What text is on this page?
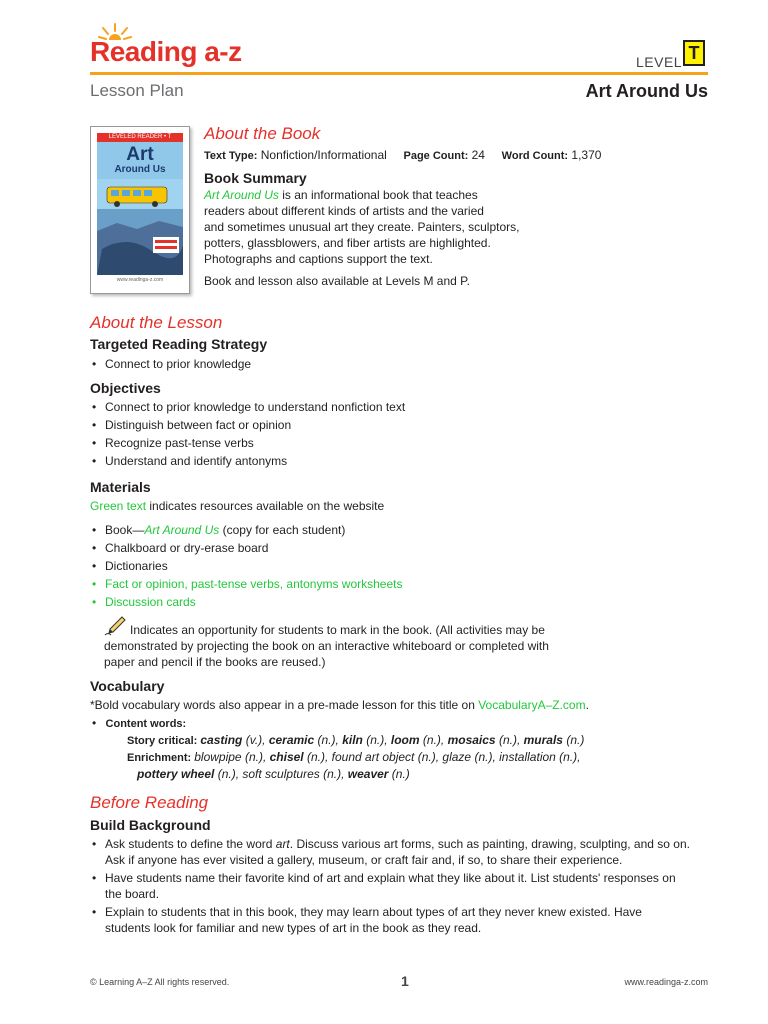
Reading a-z	LEVEL T
Lesson Plan	Art Around Us
LEVELED READER • T
Art
Around Us
www.readinga-z.com
About the Book
Text Type: Nonfiction/Informational Page Count: 24 Word Count: 1,370
Book Summary
Art Around Us is an informational book that teaches
readers about different kinds of artists and the varied
and sometimes unusual art they create. Painters, sculptors,
potters, glassblowers, and fiber artists are highlighted.
Photographs and captions support the text.
Book and lesson also available at Levels M and P.
About the Lesson
Targeted Reading Strategy
• Connect to prior knowledge
Objectives
• Connect to prior knowledge to understand nonfiction text
• Distinguish between fact or opinion
• Recognize past-tense verbs
• Understand and identify antonyms
Materials
Green text indicates resources available on the website
• Book—Art Around Us (copy for each student)
• Chalkboard or dry-erase board
• Dictionaries
• Fact or opinion, past-tense verbs, antonyms worksheets
• Discussion cards
Indicates an opportunity for students to mark in the book. (All activities may be
demonstrated by projecting the book on an interactive whiteboard or completed with
paper and pencil if the books are reused.)
Vocabulary
*Bold vocabulary words also appear in a pre-made lesson for this title on VocabularyA–Z.com.
• Content words:
Story critical: casting (v.), ceramic (n.), kiln (n.), loom (n.), mosaics (n.), murals (n.)
Enrichment: blowpipe (n.), chisel (n.), found art object (n.), glaze (n.), installation (n.),
pottery wheel (n.), soft sculptures (n.), weaver (n.)
Before Reading
Build Background
• Ask students to define the word art. Discuss various art forms, such as painting, drawing, sculpting, and so on. Ask if anyone has ever visited a gallery, museum, or craft fair and, if so, to share their experience.
• Have students name their favorite kind of art and explain what they like about it. List students' responses on the board.
• Explain to students that in this book, they may learn about types of art they never knew existed. Have students look for familiar and new types of art in the book as they read.
© Learning A–Z All rights reserved.	1	www.readinga-z.com
